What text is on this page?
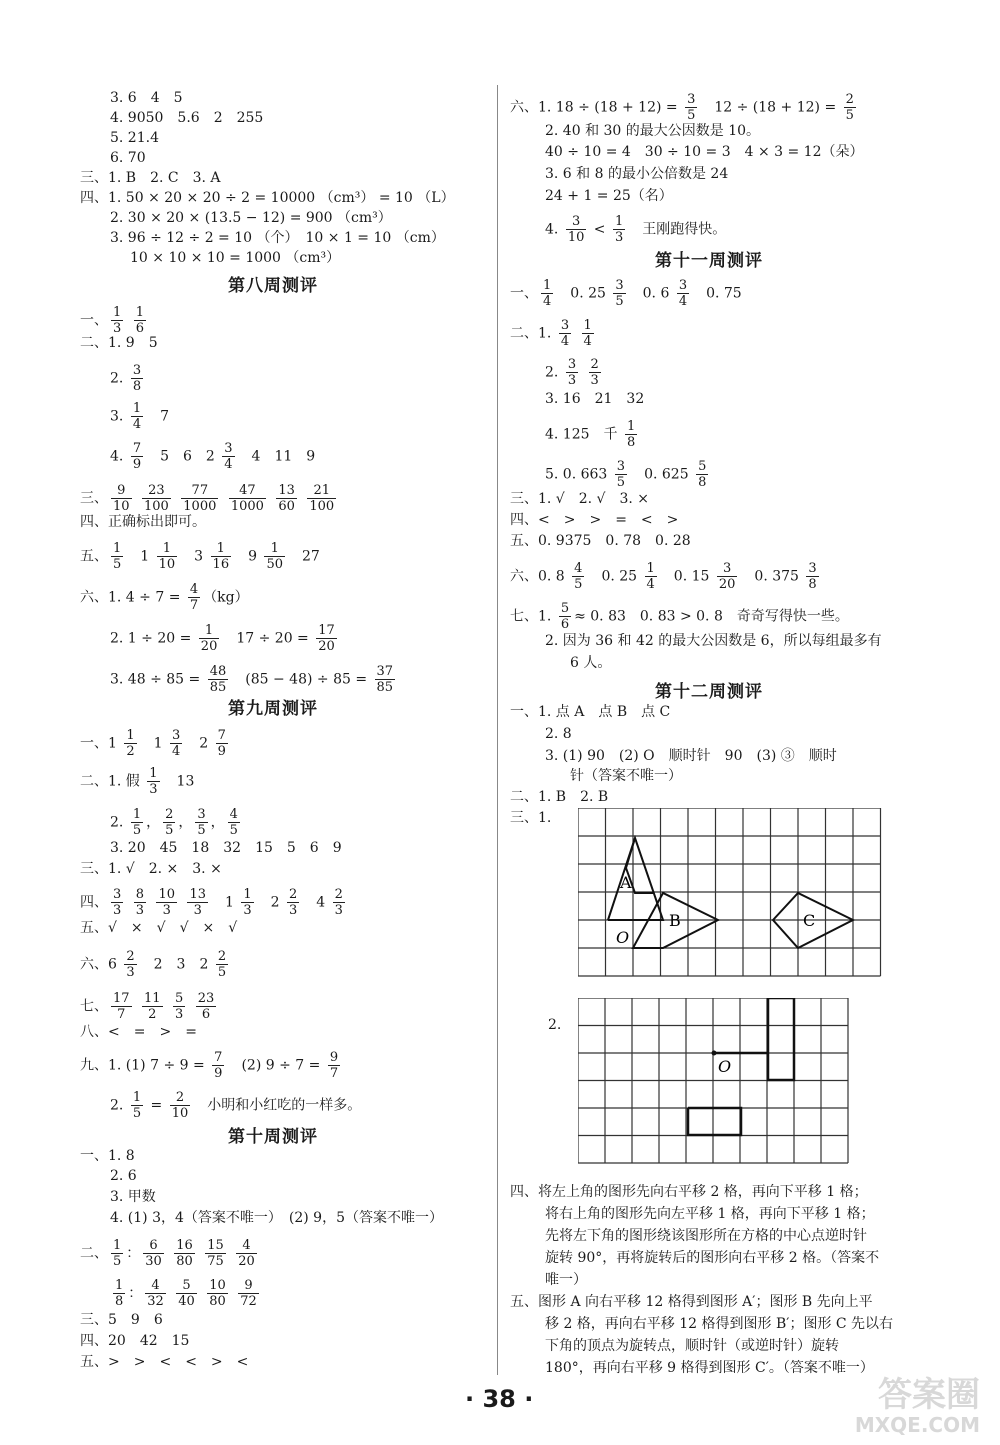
3. 6　4　5
4. 9050　5.6　2　255
5. 21.4
6. 70
三、1. B　2. C　3. A
四、1. 50 × 20 × 20 ÷ 2 = 10000 （cm³） = 10 （L）
2. 30 × 20 × (13.5 − 12) = 900 （cm³）
3. 96 ÷ 12 ÷ 2 = 10 （个）　10 × 1 = 10 （cm）
10 × 10 × 10 = 1000 （cm³）
第八周测评
一、 $\frac{1}{3}$
$\frac{1}{6}$
二、1. 9　5
2. $\frac{3}{8}$
3. $\frac{1}{4}$ 　7
4. $\frac{7}{9}$ 　5　6　$2 \frac{3}{4}$ 　4　11　9
三、 $\frac{9}{10}$
$\frac{23}{100}$
$\frac{77}{1000}$
$\frac{47}{1000}$
$\frac{13}{60}$
$\frac{21}{100}$
四、正确标出即可。
五、 $\frac{1}{5}$ 　$1 \frac{1}{10}$ 　$3 \frac{1}{16}$ 　$9 \frac{1}{50}$ 　27
六、1. $4 \div 7 = \frac{4}{7} (kg)$
2. $1 \div 20 = \frac{1}{20}$ 　$17 \div 20 = \frac{17}{20}$
3. $48 \div 85 = \frac{48}{85}$ 　$(85 - 48) \div 85 = \frac{37}{85}$
第九周测评
一、$1 \frac{1}{2}$ 　$1 \frac{3}{4}$ 　$2 \frac{7}{9}$
二、1. 假 $\frac{1}{3}$ 　13
2. $\frac{1}{5}$ ， $\frac{2}{5}$ ， $\frac{3}{5}$ ， $\frac{4}{5}$
3. 20　45　18　32　15　5　6　9
三、1. √　2. ×　3. ×
四、 $\frac{3}{3}$
$\frac{8}{3}$
$\frac{10}{3}$
$\frac{13}{3}$ 　$1 \frac{1}{3}$ 　$2 \frac{2}{3}$ 　$4 \frac{2}{3}$
五、√　×　√　√　×　√
六、$6 \frac{2}{3}$ 　2　3　$2 \frac{2}{5}$
七、 $\frac{17}{7}$
$\frac{11}{2}$
$\frac{5}{3}$
$\frac{23}{6}$
八、<　=　>　=
九、1. (1) $7 \div 9 = \frac{7}{9}$ 　(2) $9 \div 7 = \frac{9}{7}$
2. $\frac{1}{5} = \frac{2}{10}$ 　小明和小红吃的一样多。
第十周测评
一、1. 8
2. 6
3. 甲数
4. (1) 3，4（答案不唯一）　(2) 9，5（答案不唯一）
二、 $\frac{1}{5}$ ： $\frac{6}{30}$
$\frac{16}{80}$
$\frac{15}{75}$
$\frac{4}{20}$
$\frac{1}{8}$ ： $\frac{4}{32}$
$\frac{5}{40}$
$\frac{10}{80}$
$\frac{9}{72}$
三、5　9　6
四、20　42　15
五、>　>　<　<　>　<
六、1. $18 \div (18 + 12) = \frac{3}{5}$ 　$12 \div (18 + 12) = \frac{2}{5}$
2. 40 和 30 的最大公因数是 10。
40 ÷ 10 = 4　30 ÷ 10 = 3　4 × 3 = 12（朵）
3. 6 和 8 的最小公倍数是 24
24 + 1 = 25（名）
4. $\frac{3}{10} < \frac{1}{3}$ 　王刚跑得快。
第十一周测评
一、 $\frac{1}{4}$ 　0. $25 \frac{3}{5}$ 　0. $6 \frac{3}{4}$ 　0. 75
二、1. $\frac{3}{4}$
$\frac{1}{4}$
2. $\frac{3}{3}$
$\frac{2}{3}$
3. 16　21　32
4. 125　千 $\frac{1}{8}$
5. 0. $663 \frac{3}{5}$ 　0. $625 \frac{5}{8}$
三、1. √　2. √　3. ×
四、<　>　>　=　<　>
五、0. 9375　0. 78　0. 28
六、0. $8 \frac{4}{5}$ 　0. $25 \frac{1}{4}$ 　0. $15 \frac{3}{20}$ 　0. $375 \frac{3}{8}$
七、1. $\frac{5}{6} \approx 0$. 83　0. 83 > 0. 8　奇奇写得快一些。
2. 因为 36 和 42 的最大公因数是 6，所以每组最多有
6 人。
第十二周测评
一、1. 点 A　点 B　点 C
2. 8
3. (1) 90　(2) O　顺时针　90　(3) ③　顺时
针（答案不唯一）
二、1. B　2. B
三、1.
2.
四、将左上角的图形先向右平移 2 格，再向下平移 1 格；
将右上角的图形先向左平移 1 格，再向下平移 1 格；
先将左下角的图形绕该图形所在方格的中心点逆时针
旋转 90°，再将旋转后的图形向右平移 2 格。（答案不
唯一）
五、图形 A 向右平移 12 格得到图形 A′；图形 B 先向上平
移 2 格，再向右平移 12 格得到图形 B′；图形 C 先以右
下角的顶点为旋转点，顺时针（或逆时针）旋转
180°，再向右平移 9 格得到图形 C′。（答案不唯一）
A
B	C
O
O
· 38 ·	答案圈
MXQE.COM
